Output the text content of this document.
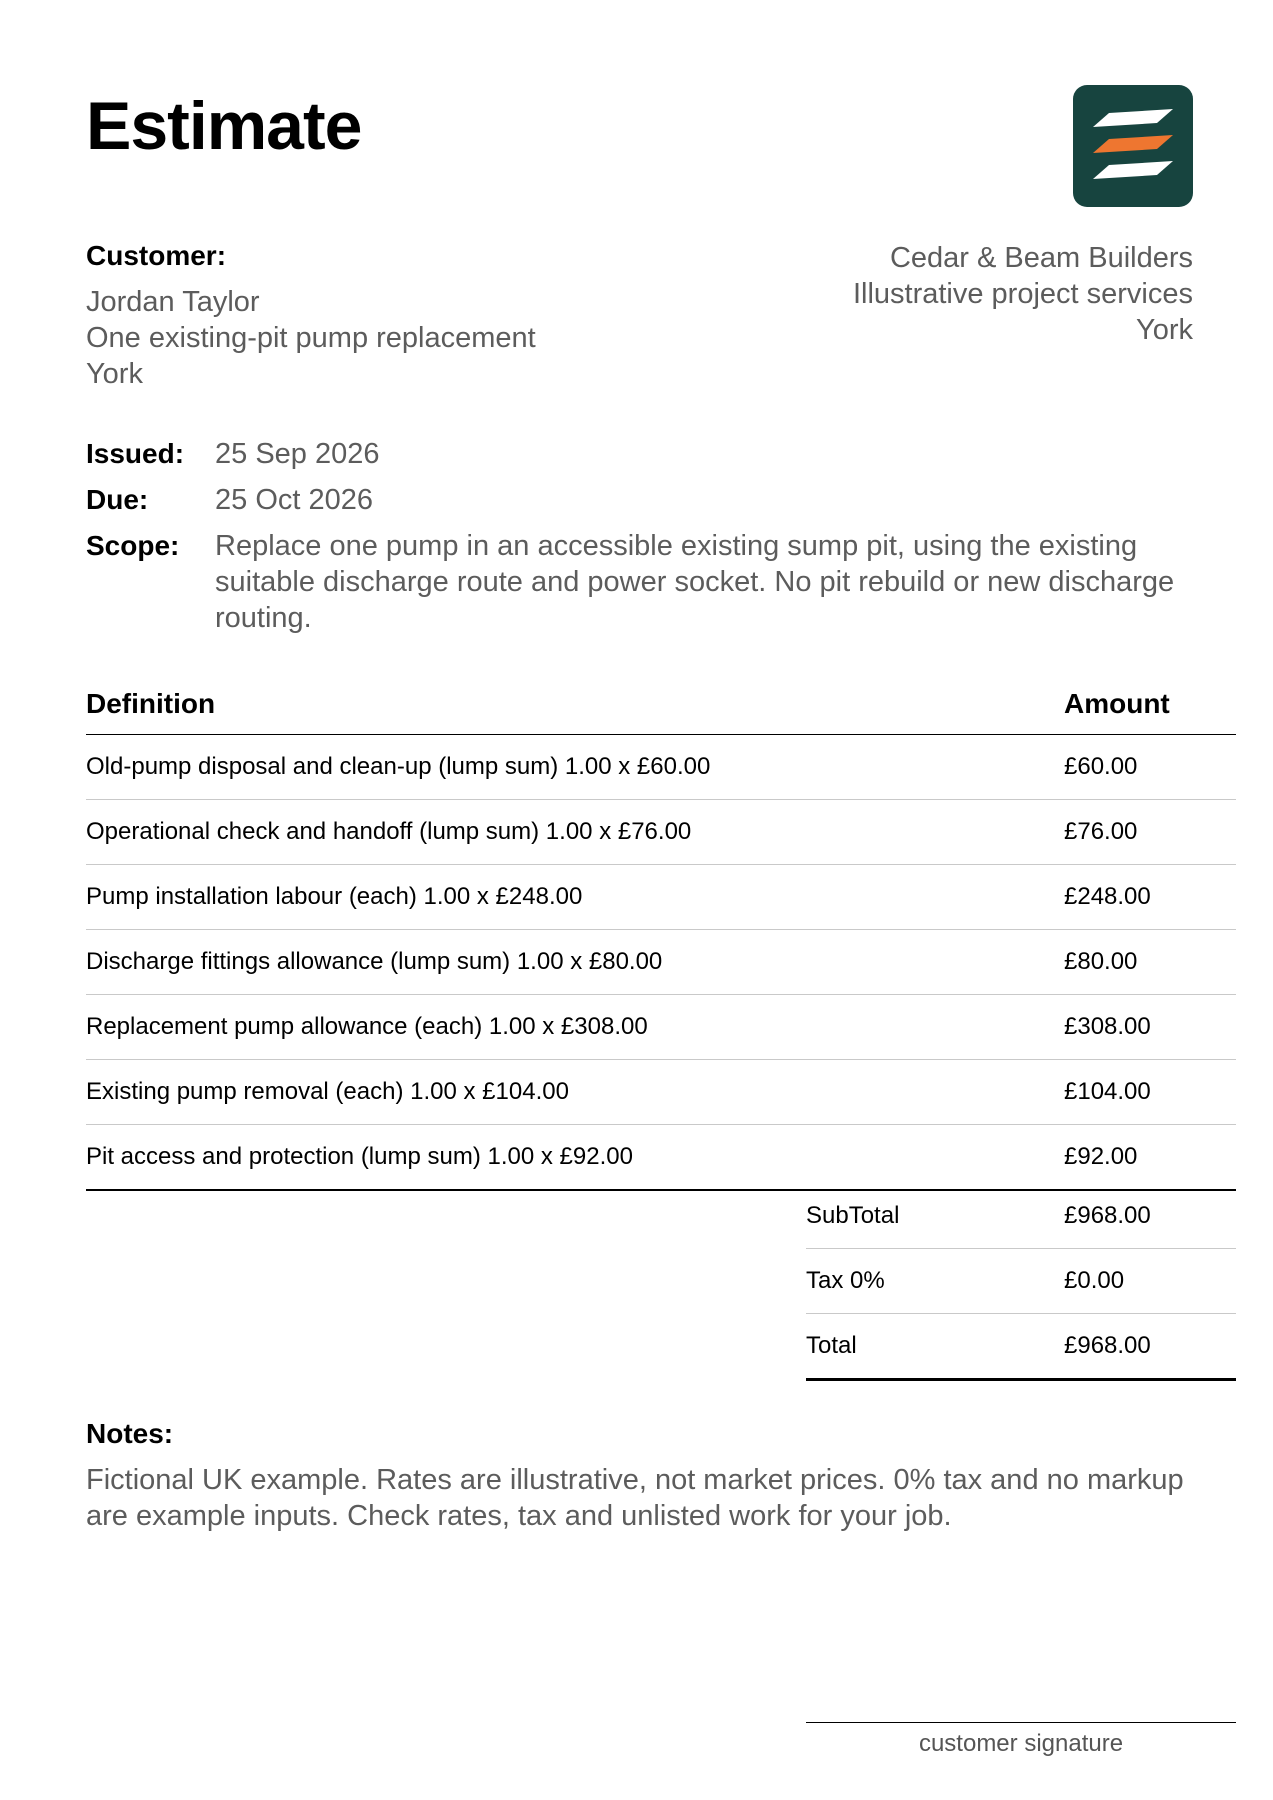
Estimate
Customer:
Jordan Taylor
One existing-pit pump replacement
York
Cedar & Beam Builders
Illustrative project services
York
Issued:	25 Sep 2026
Due:	25 Oct 2026
Scope:	Replace one pump in an accessible existing sump pit, using the existing suitable discharge route and power socket. No pit rebuild or new discharge routing.
Definition	Amount
Old-pump disposal and clean-up (lump sum) 1.00 x £60.00	£60.00
Operational check and handoff (lump sum) 1.00 x £76.00	£76.00
Pump installation labour (each) 1.00 x £248.00	£248.00
Discharge fittings allowance (lump sum) 1.00 x £80.00	£80.00
Replacement pump allowance (each) 1.00 x £308.00	£308.00
Existing pump removal (each) 1.00 x £104.00	£104.00
Pit access and protection (lump sum) 1.00 x £92.00	£92.00
SubTotal	£968.00
Tax 0%	£0.00
Total	£968.00
Notes:
Fictional UK example. Rates are illustrative, not market prices. 0% tax and no markup are example inputs. Check rates, tax and unlisted work for your job.
customer signature
